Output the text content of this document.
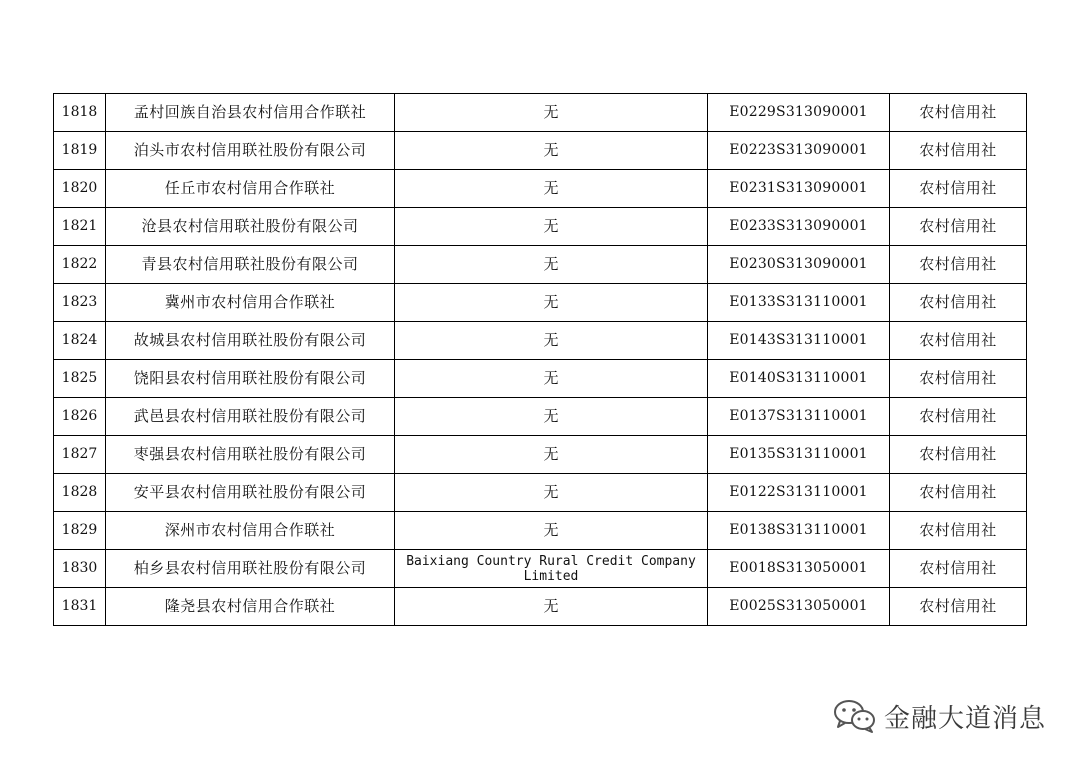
1818	孟村回族自治县农村信用合作联社	无	E0229S313090001	农村信用社
1819	泊头市农村信用联社股份有限公司	无	E0223S313090001	农村信用社
1820	任丘市农村信用合作联社	无	E0231S313090001	农村信用社
1821	沧县农村信用联社股份有限公司	无	E0233S313090001	农村信用社
1822	青县农村信用联社股份有限公司	无	E0230S313090001	农村信用社
1823	冀州市农村信用合作联社	无	E0133S313110001	农村信用社
1824	故城县农村信用联社股份有限公司	无	E0143S313110001	农村信用社
1825	饶阳县农村信用联社股份有限公司	无	E0140S313110001	农村信用社
1826	武邑县农村信用联社股份有限公司	无	E0137S313110001	农村信用社
1827	枣强县农村信用联社股份有限公司	无	E0135S313110001	农村信用社
1828	安平县农村信用联社股份有限公司	无	E0122S313110001	农村信用社
1829	深州市农村信用合作联社	无	E0138S313110001	农村信用社
1830	柏乡县农村信用联社股份有限公司	Baixiang Country Rural Credit Company Limited	E0018S313050001	农村信用社
1831	隆尧县农村信用合作联社	无	E0025S313050001	农村信用社
金融大道消息
